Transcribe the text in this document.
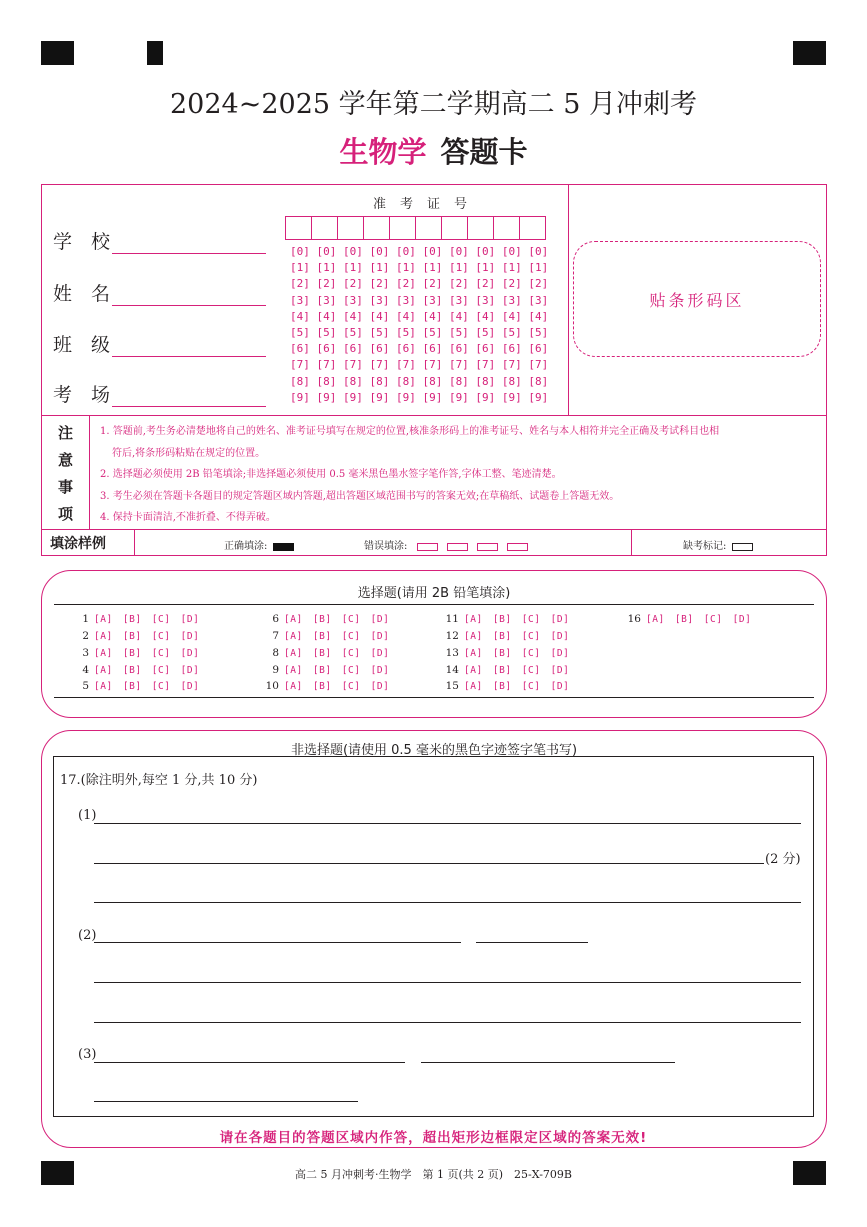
2024~2025 学年第二学期高二 5 月冲刺考
生物学 答题卡
学　校
姓　名
班　级
考　场
准考证号
[0] [0] [0] [0] [0] [0] [0] [0] [0] [0]
[1] [1] [1] [1] [1] [1] [1] [1] [1] [1]
[2] [2] [2] [2] [2] [2] [2] [2] [2] [2]
[3] [3] [3] [3] [3] [3] [3] [3] [3] [3]
[4] [4] [4] [4] [4] [4] [4] [4] [4] [4]
[5] [5] [5] [5] [5] [5] [5] [5] [5] [5]
[6] [6] [6] [6] [6] [6] [6] [6] [6] [6]
[7] [7] [7] [7] [7] [7] [7] [7] [7] [7]
[8] [8] [8] [8] [8] [8] [8] [8] [8] [8]
[9] [9] [9] [9] [9] [9] [9] [9] [9] [9]
贴条形码区
注
意
事
项

1. 答题前,考生务必清楚地将自己的姓名、准考证号填写在规定的位置,核准条形码上的准考证号、姓名与本人相符并完全正确及考试科目也相

符后,将条形码粘贴在规定的位置。

2. 选择题必须使用 2B 铅笔填涂;非选择题必须使用 0.5 毫米黑色墨水签字笔作答,字体工整、笔迹清楚。

3. 考生必须在答题卡各题目的规定答题区域内答题,超出答题区域范围书写的答案无效;在草稿纸、试题卷上答题无效。

4. 保持卡面清洁,不准折叠、不得弄破。

填涂样例	正确填涂:	错误填涂:	缺考标记:
选择题(请用 2B 铅笔填涂)
1 [A] [B] [C] [D]
2 [A] [B] [C] [D]
3 [A] [B] [C] [D]
4 [A] [B] [C] [D]
5 [A] [B] [C] [D]
6 [A] [B] [C] [D]
7 [A] [B] [C] [D]
8 [A] [B] [C] [D]
9 [A] [B] [C] [D]
10 [A] [B] [C] [D]
11 [A] [B] [C] [D]
12 [A] [B] [C] [D]
13 [A] [B] [C] [D]
14 [A] [B] [C] [D]
15 [A] [B] [C] [D]
16 [A] [B] [C] [D]
非选择题(请使用 0.5 毫米的黑色字迹签字笔书写)
17.(除注明外,每空 1 分,共 10 分)
(1)
(2 分)
(2)
(3)
请在各题目的答题区域内作答，超出矩形边框限定区域的答案无效!
高二 5 月冲刺考·生物学　第 1 页(共 2 页)　25-X-709B
